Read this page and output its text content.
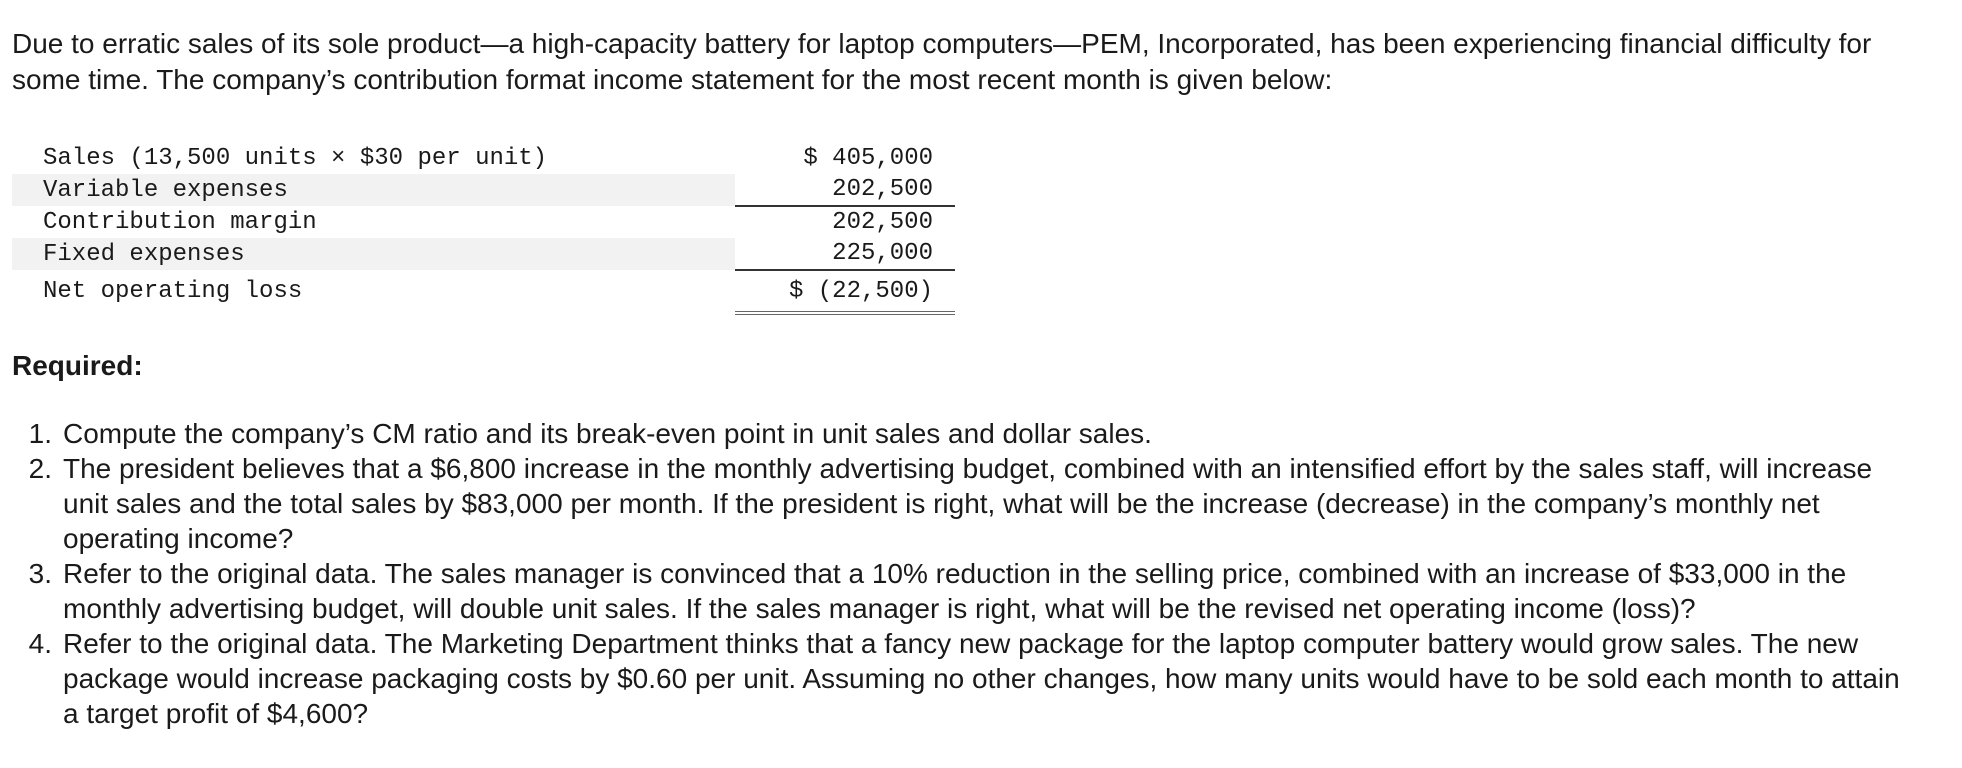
Due to erratic sales of its sole product—a high-capacity battery for laptop computers—PEM, Incorporated, has been experiencing financial difficulty for some time. The company’s contribution format income statement for the most recent month is given below:

Sales (13,500 units × $30 per unit)		$ 405,000
Variable expenses		202,500
Contribution margin		202,500
Fixed expenses		225,000
Net operating loss		$ (22,500)
Required:
1. Compute the company’s CM ratio and its break-even point in unit sales and dollar sales.
2. The president believes that a $6,800 increase in the monthly advertising budget, combined with an intensified effort by the sales staff, will increase unit sales and the total sales by $83,000 per month. If the president is right, what will be the increase (decrease) in the company’s monthly net operating income?
3. Refer to the original data. The sales manager is convinced that a 10% reduction in the selling price, combined with an increase of $33,000 in the monthly advertising budget, will double unit sales. If the sales manager is right, what will be the revised net operating income (loss)?
4. Refer to the original data. The Marketing Department thinks that a fancy new package for the laptop computer battery would grow sales. The new package would increase packaging costs by $0.60 per unit. Assuming no other changes, how many units would have to be sold each month to attain a target profit of $4,600?
